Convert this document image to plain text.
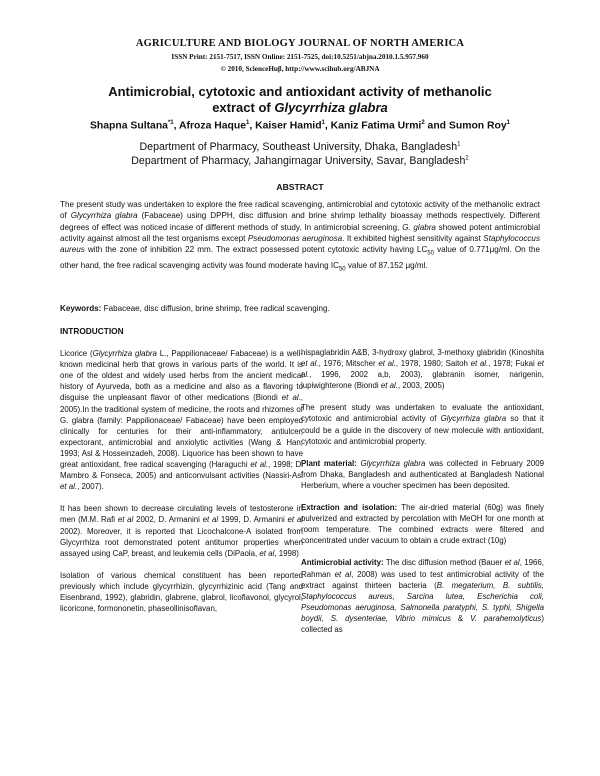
AGRICULTURE AND BIOLOGY JOURNAL OF NORTH AMERICA
ISSN Print: 2151-7517, ISSN Online: 2151-7525, doi:10.5251/abjna.2010.1.5.957.960
© 2010, ScienceHuβ, http://www.scihub.org/ABJNA
Antimicrobial, cytotoxic and antioxidant activity of methanolic
extract of Glycyrrhiza glabra
Shapna Sultana$^{*1}$, Afroza Haque$^1$, Kaiser Hamid$^1$, Kaniz Fatima Urmi$^2$ and Sumon Roy$^1$
Department of Pharmacy, Southeast University, Dhaka, Bangladesh$^1$
Department of Pharmacy, Jahangirnagar University, Savar, Bangladesh$^2$
ABSTRACT

The present study was undertaken to explore the free radical scavenging, antimicrobial and cytotoxic activity of the methanolic extract of Glycyrrhiza glabra (Fabaceae) using DPPH, disc diffusion and brine shrimp lethality bioassay methods respectively. Different degrees of effect was noticed incase of different methods of study. In antimicrobial screening, G. glabra showed potent antimicrobial activity against almost all the test organisms except Pseudomonas aeruginosa. It exhibited highest sensitivity against Staphylococcus aureus with the zone of inhibition 22 mm. The extract possessed potent cytotoxic activity having $LC_{50}$ value of 0.771μg/ml. On the other hand, the free radical scavenging activity was found moderate having $IC_{50}$ value of 87.152 μg/ml.

Keywords: Fabaceae, disc diffusion, brine shrimp, free radical scavenging.

INTRODUCTION

Licorice (Glycyrrhiza glabra L., Pappilionaceae/ Fabaceae) is a well-known medicinal herb that grows in various parts of the world. It is one of the oldest and widely used herbs from the ancient medical history of Ayurveda, both as a medicine and also as a flavoring to disguise the unpleasant flavor of other medications (Biondi et al., 2005).In the traditional system of medicine, the roots and rhizomes of G. glabra (family: Pappilionaceae/ Fabaceae) have been employed clinically for centuries for their anti-inflammatory, antiulcer, expectorant, antimicrobial and anxiolytic activities (Wang & Han, 1993; Asl & Hosseinzadeh, 2008). Liquorice has been shown to have great antioxidant, free radical scavenging (Haraguchi et al., 1998; Di Mambro & Fonseca, 2005) and anticonvulsant activities (Nassiri-Asl et al., 2007).

It has been shown to decrease circulating levels of testosterone in men (M.M. Rafi et al 2002, D. Armanini et al 1999, D. Armanini et al 2002). Moreover, it is reported that Licochalcone-A isolated from Glycyrrhiza root demonstrated potent antitumor properties when assayed using CaP, breast, and leukemia cells (DiPaola, et al, 1998)

Isolation of various chemical constituent has been reported previously which include glycyrrhizin, glycyrrhizinic acid (Tang and Eisenbrand, 1992), glabridin, glabrene, glabrol, licoflavonol, glycyrol, licoricone, formononetin, phaseollinisoflavan,

hispaglabridin A&B, 3-hydroxy glabrol, 3-methoxy glabridin (Kinoshita et al., 1976; Mitscher et al., 1978, 1980; Saitoh et al., 1978; Fukai et al., 1996, 2002 a,b, 2003), glabranin isomer, narigenin, lupiwighterone (Biondi et al., 2003, 2005)

The present study was undertaken to evaluate the antioxidant, cytotoxic and antimicrobial activity of Glycyrrhiza glabra so that it could be a guide in the discovery of new molecule with antioxidant, cytotoxic and antimicrobial property.

Plant material: Glycyrrhiza glabra was collected in February 2009 from Dhaka, Bangladesh and authenticated at Bangladesh National Herberium, where a voucher specimen has been deposited.

Extraction and isolation: The air-dried material (60g) was finely pulverized and extracted by percolation with MeOH for one month at room temperature. The combined extracts were filtered and concentrated under vacuum to obtain a crude extract (10g)

Antimicrobial activity: The disc diffusion method (Bauer et al, 1966, Rahman et al, 2008) was used to test antimicrobial activity of the extract against thirteen bacteria (B. megaterium, B. subtilis, Staphylococcus aureus, Sarcina lutea, Escherichia coli, Pseudomonas aeruginosa, Salmonella paratyphi, S. typhi, Shigella boydii, S. dysenteriae, Vibrio mimicus & V. parahemolyticus) collected as
